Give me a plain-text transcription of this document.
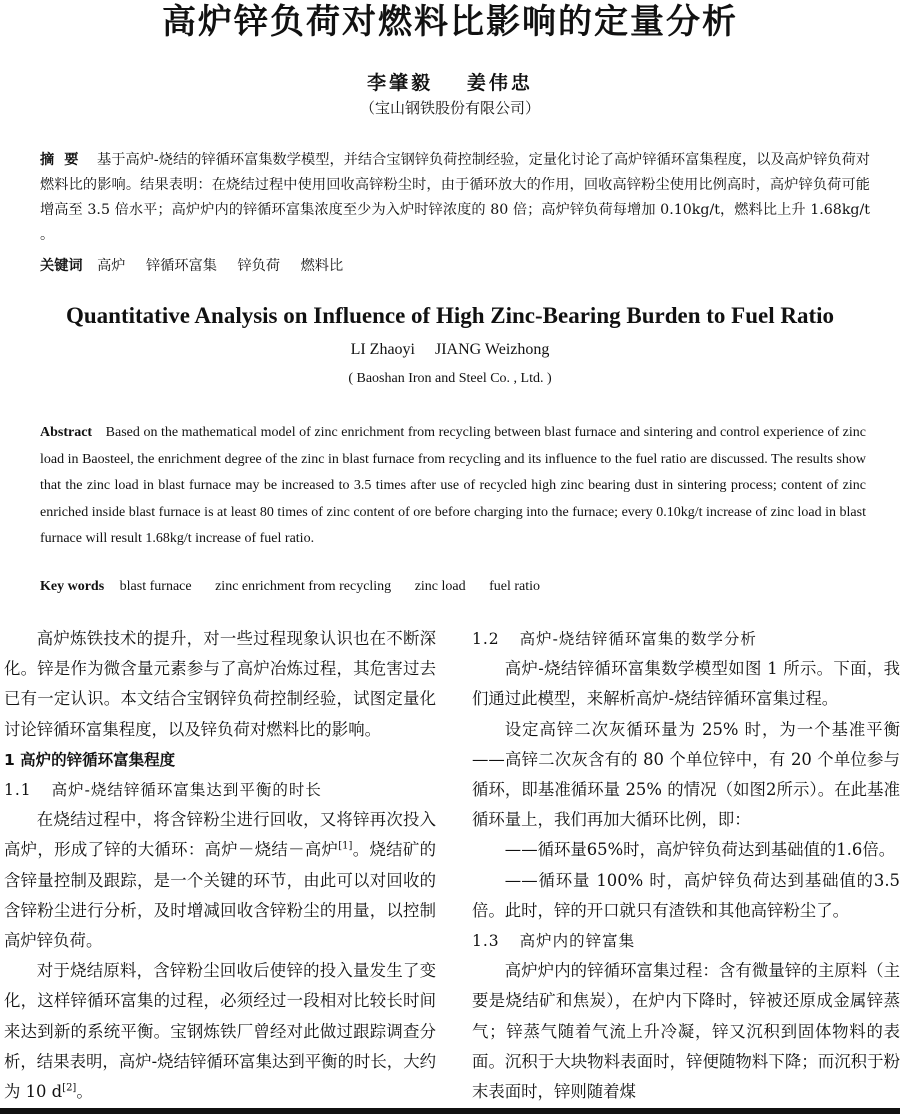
高炉锌负荷对燃料比影响的定量分析
李肇毅 姜伟忠
（宝山钢铁股份有限公司）
摘要 基于高炉-烧结的锌循环富集数学模型，并结合宝钢锌负荷控制经验，定量化讨论了高炉锌循环富集程度，以及高炉锌负荷对燃料比的影响。结果表明：在烧结过程中使用回收高锌粉尘时，由于循环放大的作用，回收高锌粉尘使用比例高时，高炉锌负荷可能增高至 3.5 倍水平；高炉炉内的锌循环富集浓度至少为入炉时锌浓度的 80 倍；高炉锌负荷每增加 0.10kg/t，燃料比上升 1.68kg/t 。
关键词 高炉 锌循环富集 锌负荷 燃料比
Quantitative Analysis on Influence of High Zinc-Bearing Burden to Fuel Ratio
LI Zhaoyi JIANG Weizhong
( Baoshan Iron and Steel Co. , Ltd. )
Abstract Based on the mathematical model of zinc enrichment from recycling between blast furnace and sintering and control experience of zinc load in Baosteel, the enrichment degree of the zinc in blast furnace from recycling and its influence to the fuel ratio are discussed. The results show that the zinc load in blast furnace may be increased to 3.5 times after use of recycled high zinc bearing dust in sintering process; content of zinc enriched inside blast furnace is at least 80 times of zinc content of ore before charging into the furnace; every 0.10kg/t increase of zinc load in blast furnace will result 1.68kg/t increase of fuel ratio.
Key words blast furnace zinc enrichment from recycling zinc load fuel ratio

高炉炼铁技术的提升，对一些过程现象认识也在不断深化。锌是作为微含量元素参与了高炉冶炼过程，其危害过去已有一定认识。本文结合宝钢锌负荷控制经验，试图定量化讨论锌循环富集程度，以及锌负荷对燃料比的影响。

1 高炉的锌循环富集程度

1.1 高炉-烧结锌循环富集达到平衡的时长

在烧结过程中，将含锌粉尘进行回收，又将锌再次投入高炉，形成了锌的大循环：高炉－烧结－高炉[1]。烧结矿的含锌量控制及跟踪，是一个关键的环节，由此可以对回收的含锌粉尘进行分析，及时增减回收含锌粉尘的用量，以控制高炉锌负荷。

对于烧结原料，含锌粉尘回收后使锌的投入量发生了变化，这样锌循环富集的过程，必须经过一段相对比较长时间来达到新的系统平衡。宝钢炼铁厂曾经对此做过跟踪调查分析，结果表明，高炉-烧结锌循环富集达到平衡的时长，大约为 10 d[2]。

1.2 高炉-烧结锌循环富集的数学分析

高炉-烧结锌循环富集数学模型如图 1 所示。下面，我们通过此模型，来解析高炉-烧结锌循环富集过程。

设定高锌二次灰循环量为 25% 时，为一个基准平衡——高锌二次灰含有的 80 个单位锌中，有 20 个单位参与循环，即基准循环量 25% 的情况（如图2所示）。在此基准循环量上，我们再加大循环比例，即：

——循环量65%时，高炉锌负荷达到基础值的1.6倍。

——循环量 100% 时，高炉锌负荷达到基础值的3.5 倍。此时，锌的开口就只有渣铁和其他高锌粉尘了。

1.3 高炉内的锌富集

高炉炉内的锌循环富集过程：含有微量锌的主原料（主要是烧结矿和焦炭），在炉内下降时，锌被还原成金属锌蒸气；锌蒸气随着气流上升冷凝，锌又沉积到固体物料的表面。沉积于大块物料表面时，锌便随物料下降；而沉积于粉末表面时，锌则随着煤
